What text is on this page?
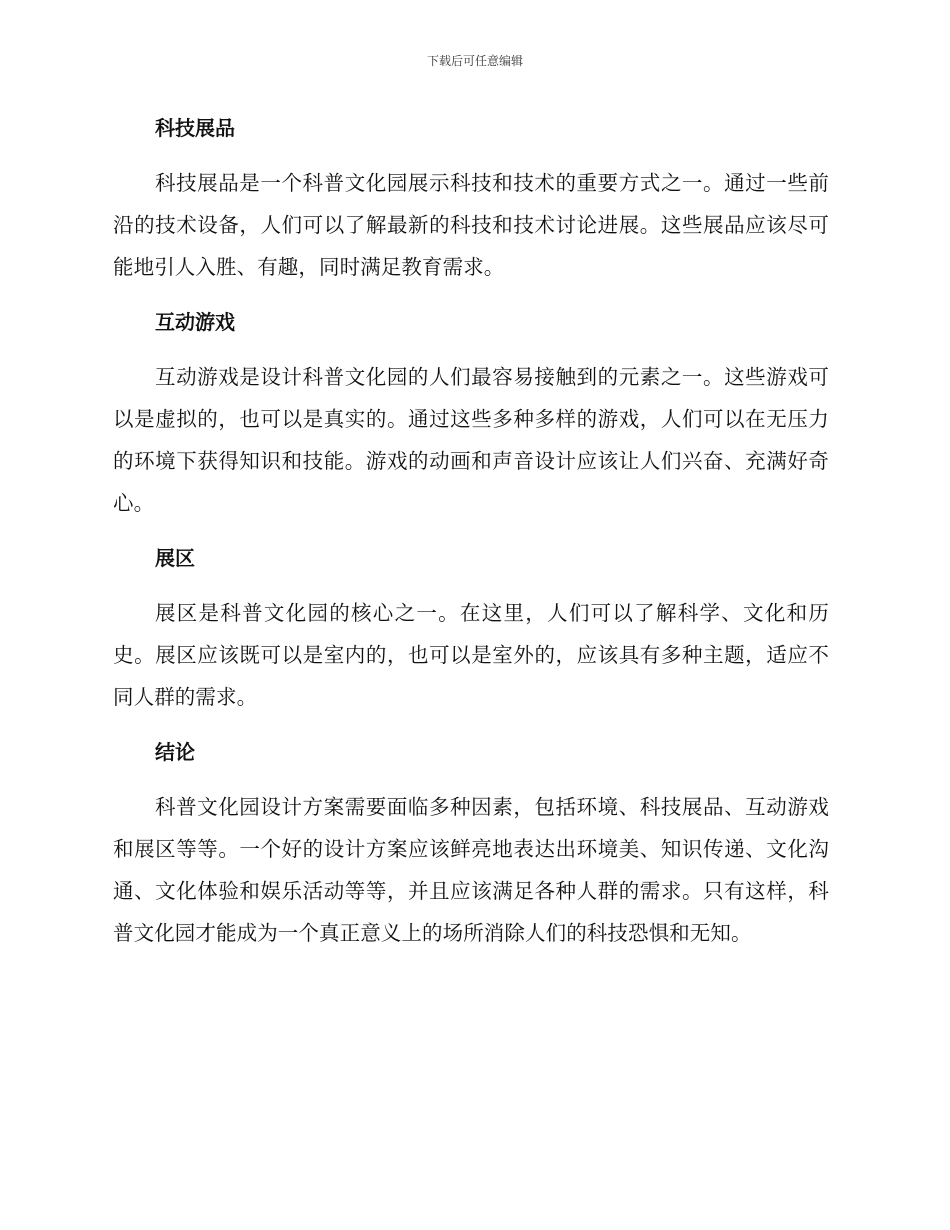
下载后可任意编辑
科技展品

科技展品是一个科普文化园展示科技和技术的重要方式之一。通过一些前沿的技术设备，人们可以了解最新的科技和技术讨论进展。这些展品应该尽可能地引人入胜、有趣，同时满足教育需求。

互动游戏

互动游戏是设计科普文化园的人们最容易接触到的元素之一。这些游戏可以是虚拟的，也可以是真实的。通过这些多种多样的游戏，人们可以在无压力的环境下获得知识和技能。游戏的动画和声音设计应该让人们兴奋、充满好奇心。

展区

展区是科普文化园的核心之一。在这里，人们可以了解科学、文化和历史。展区应该既可以是室内的，也可以是室外的，应该具有多种主题，适应不同人群的需求。

结论

科普文化园设计方案需要面临多种因素，包括环境、科技展品、互动游戏和展区等等。一个好的设计方案应该鲜亮地表达出环境美、知识传递、文化沟通、文化体验和娱乐活动等等，并且应该满足各种人群的需求。只有这样，科普文化园才能成为一个真正意义上的场所消除人们的科技恐惧和无知。
